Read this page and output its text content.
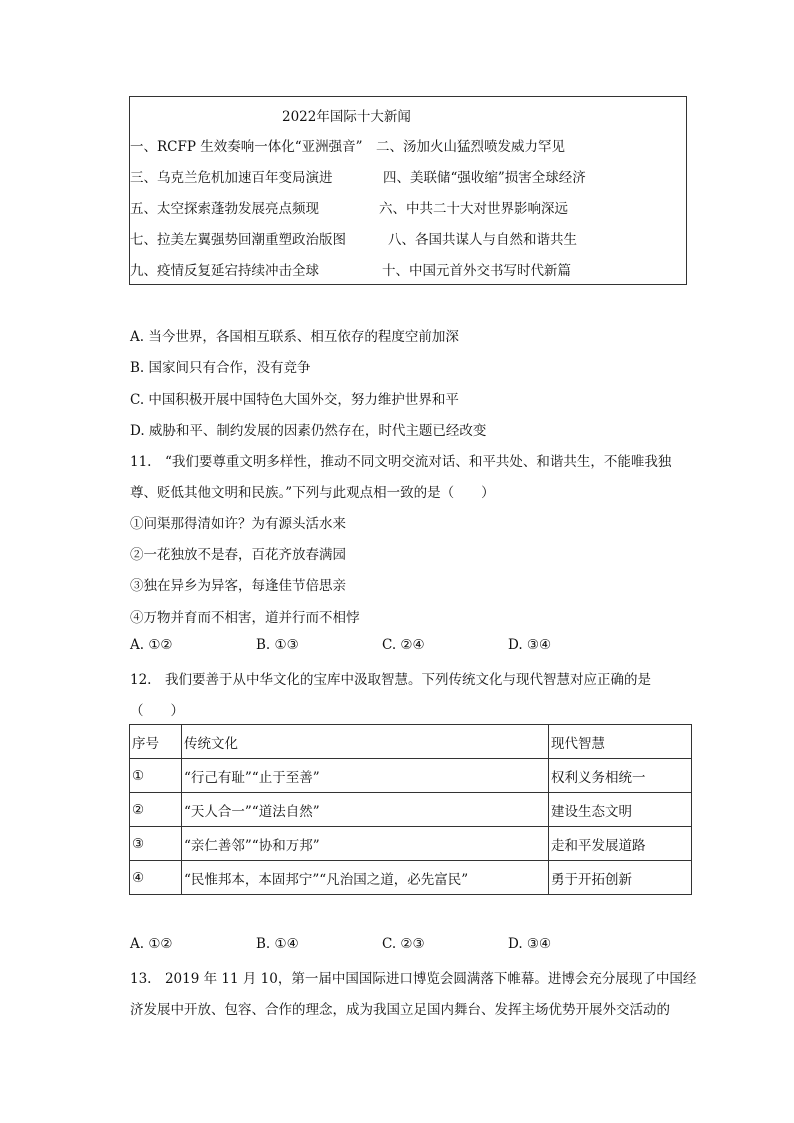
2022年国际十大新闻
一、RCFP 生效奏响一体化“亚洲强音” 二、汤加火山猛烈喷发威力罕见
三、乌克兰危机加速百年变局演进	四、美联储“强收缩”损害全球经济
五、太空探索蓬勃发展亮点频现	六、中共二十大对世界影响深远
七、拉美左翼强势回潮重塑政治版图	八、各国共谋人与自然和谐共生
九、疫情反复延宕持续冲击全球	十、中国元首外交书写时代新篇
A. 当今世界，各国相互联系、相互依存的程度空前加深
B. 国家间只有合作，没有竞争
C. 中国积极开展中国特色大国外交，努力维护世界和平
D. 威胁和平、制约发展的因素仍然存在，时代主题已经改变
11.　“我们要尊重文明多样性，推动不同文明交流对话、和平共处、和谐共生，不能唯我独
尊、贬低其他文明和民族。”下列与此观点相一致的是（　　）
①问渠那得清如许？为有源头活水来
②一花独放不是春，百花齐放春满园
③独在异乡为异客，每逢佳节倍思亲
④万物并育而不相害，道并行而不相悖
A. ①②	B. ①③	C. ②④	D. ③④
12.　我们要善于从中华文化的宝库中汲取智慧。下列传统文化与现代智慧对应正确的是
（　　）
序号	传统文化	现代智慧
①	“行己有耻”“止于至善”	权利义务相统一
②	“天人合一”“道法自然”	建设生态文明
③	“亲仁善邻”“协和万邦”	走和平发展道路
④	“民惟邦本，本固邦宁”“凡治国之道，必先富民”	勇于开拓创新
A. ①②	B. ①④	C. ②③	D. ③④
13.　2019 年 11 月 10，第一届中国国际进口博览会圆满落下帷幕。进博会充分展现了中国经
济发展中开放、包容、合作的理念，成为我国立足国内舞台、发挥主场优势开展外交活动的
